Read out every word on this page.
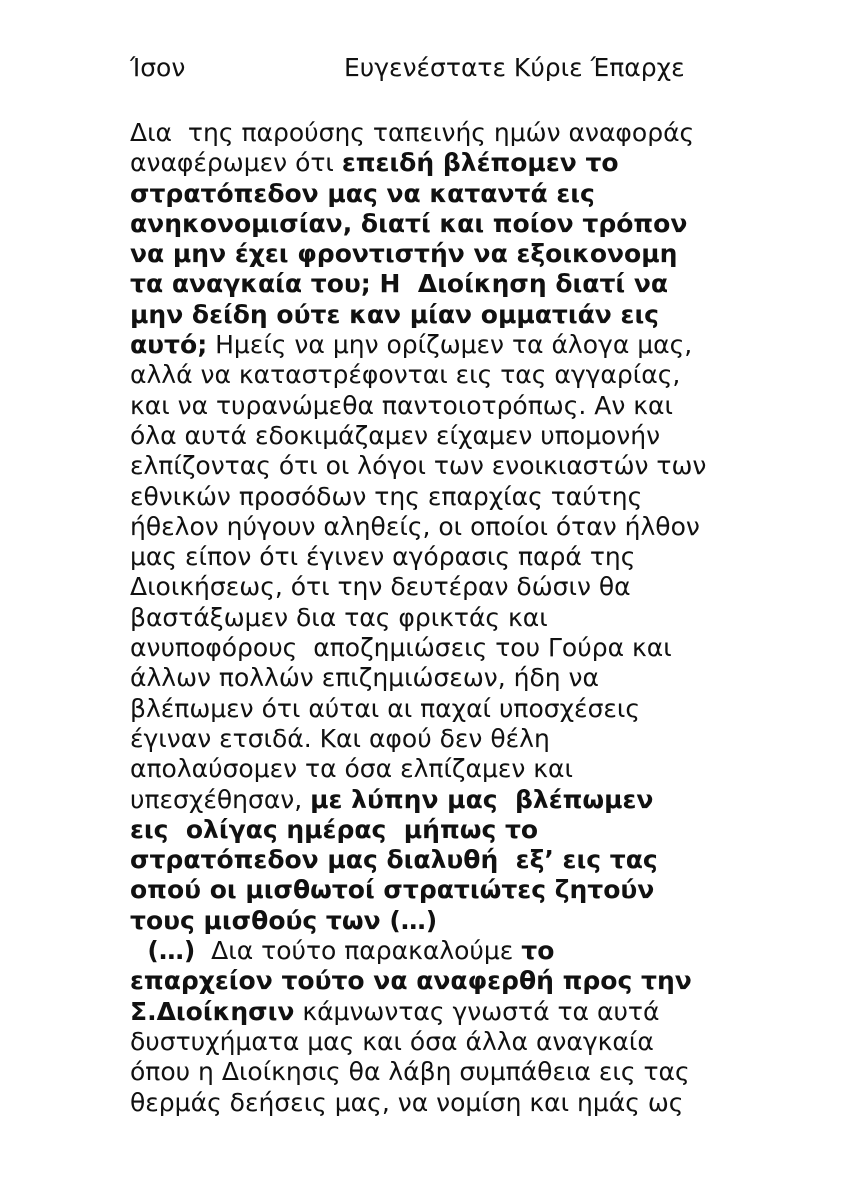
Ίσον	Ευγενέστατε Κύριε Έπαρχε
Δια  της παρούσης ταπεινής ημών αναφοράς
αναφέρωμεν ότι επειδή βλέπομεν το
στρατόπεδον μας να καταντά εις
ανηκονομισίαν, διατί και ποίον τρόπον
να μην έχει φροντιστήν να εξοικονομη
τα αναγκαία του; Η  Διοίκηση διατί να
μην δείδη ούτε καν μίαν ομματιάν εις
αυτό; Ημείς να μην ορίζωμεν τα άλογα μας,
αλλά να καταστρέφονται εις τας αγγαρίας,
και να τυρανώμεθα παντοιοτρόπως. Αν και
όλα αυτά εδοκιμάζαμεν είχαμεν υπομονήν
ελπίζοντας ότι οι λόγοι των ενοικιαστών των
εθνικών προσόδων της επαρχίας ταύτης
ήθελον ηύγουν αληθείς, οι οποίοι όταν ήλθον
μας είπον ότι έγινεν αγόρασις παρά της
Διοικήσεως, ότι την δευτέραν δώσιν θα
βαστάξωμεν δια τας φρικτάς και
ανυποφόρους  αποζημιώσεις του Γούρα και
άλλων πολλών επιζημιώσεων, ήδη να
βλέπωμεν ότι αύται αι παχαί υποσχέσεις
έγιναν ετσιδά. Και αφού δεν θέλη
απολαύσομεν τα όσα ελπίζαμεν και
υπεσχέθησαν, με λύπην μας  βλέπωμεν
εις  ολίγας ημέρας  μήπως το
στρατόπεδον μας διαλυθή  εξ’ εις τας
οπού οι μισθωτοί στρατιώτες ζητούν
τους μισθούς των (…)
(…)  Δια τούτο παρακαλούμε το
επαρχείον τούτο να αναφερθή προς την
Σ.Διοίκησιν κάμνωντας γνωστά τα αυτά
δυστυχήματα μας και όσα άλλα αναγκαία
όπου η Διοίκησις θα λάβη συμπάθεια εις τας
θερμάς δεήσεις μας, να νομίση και ημάς ως
